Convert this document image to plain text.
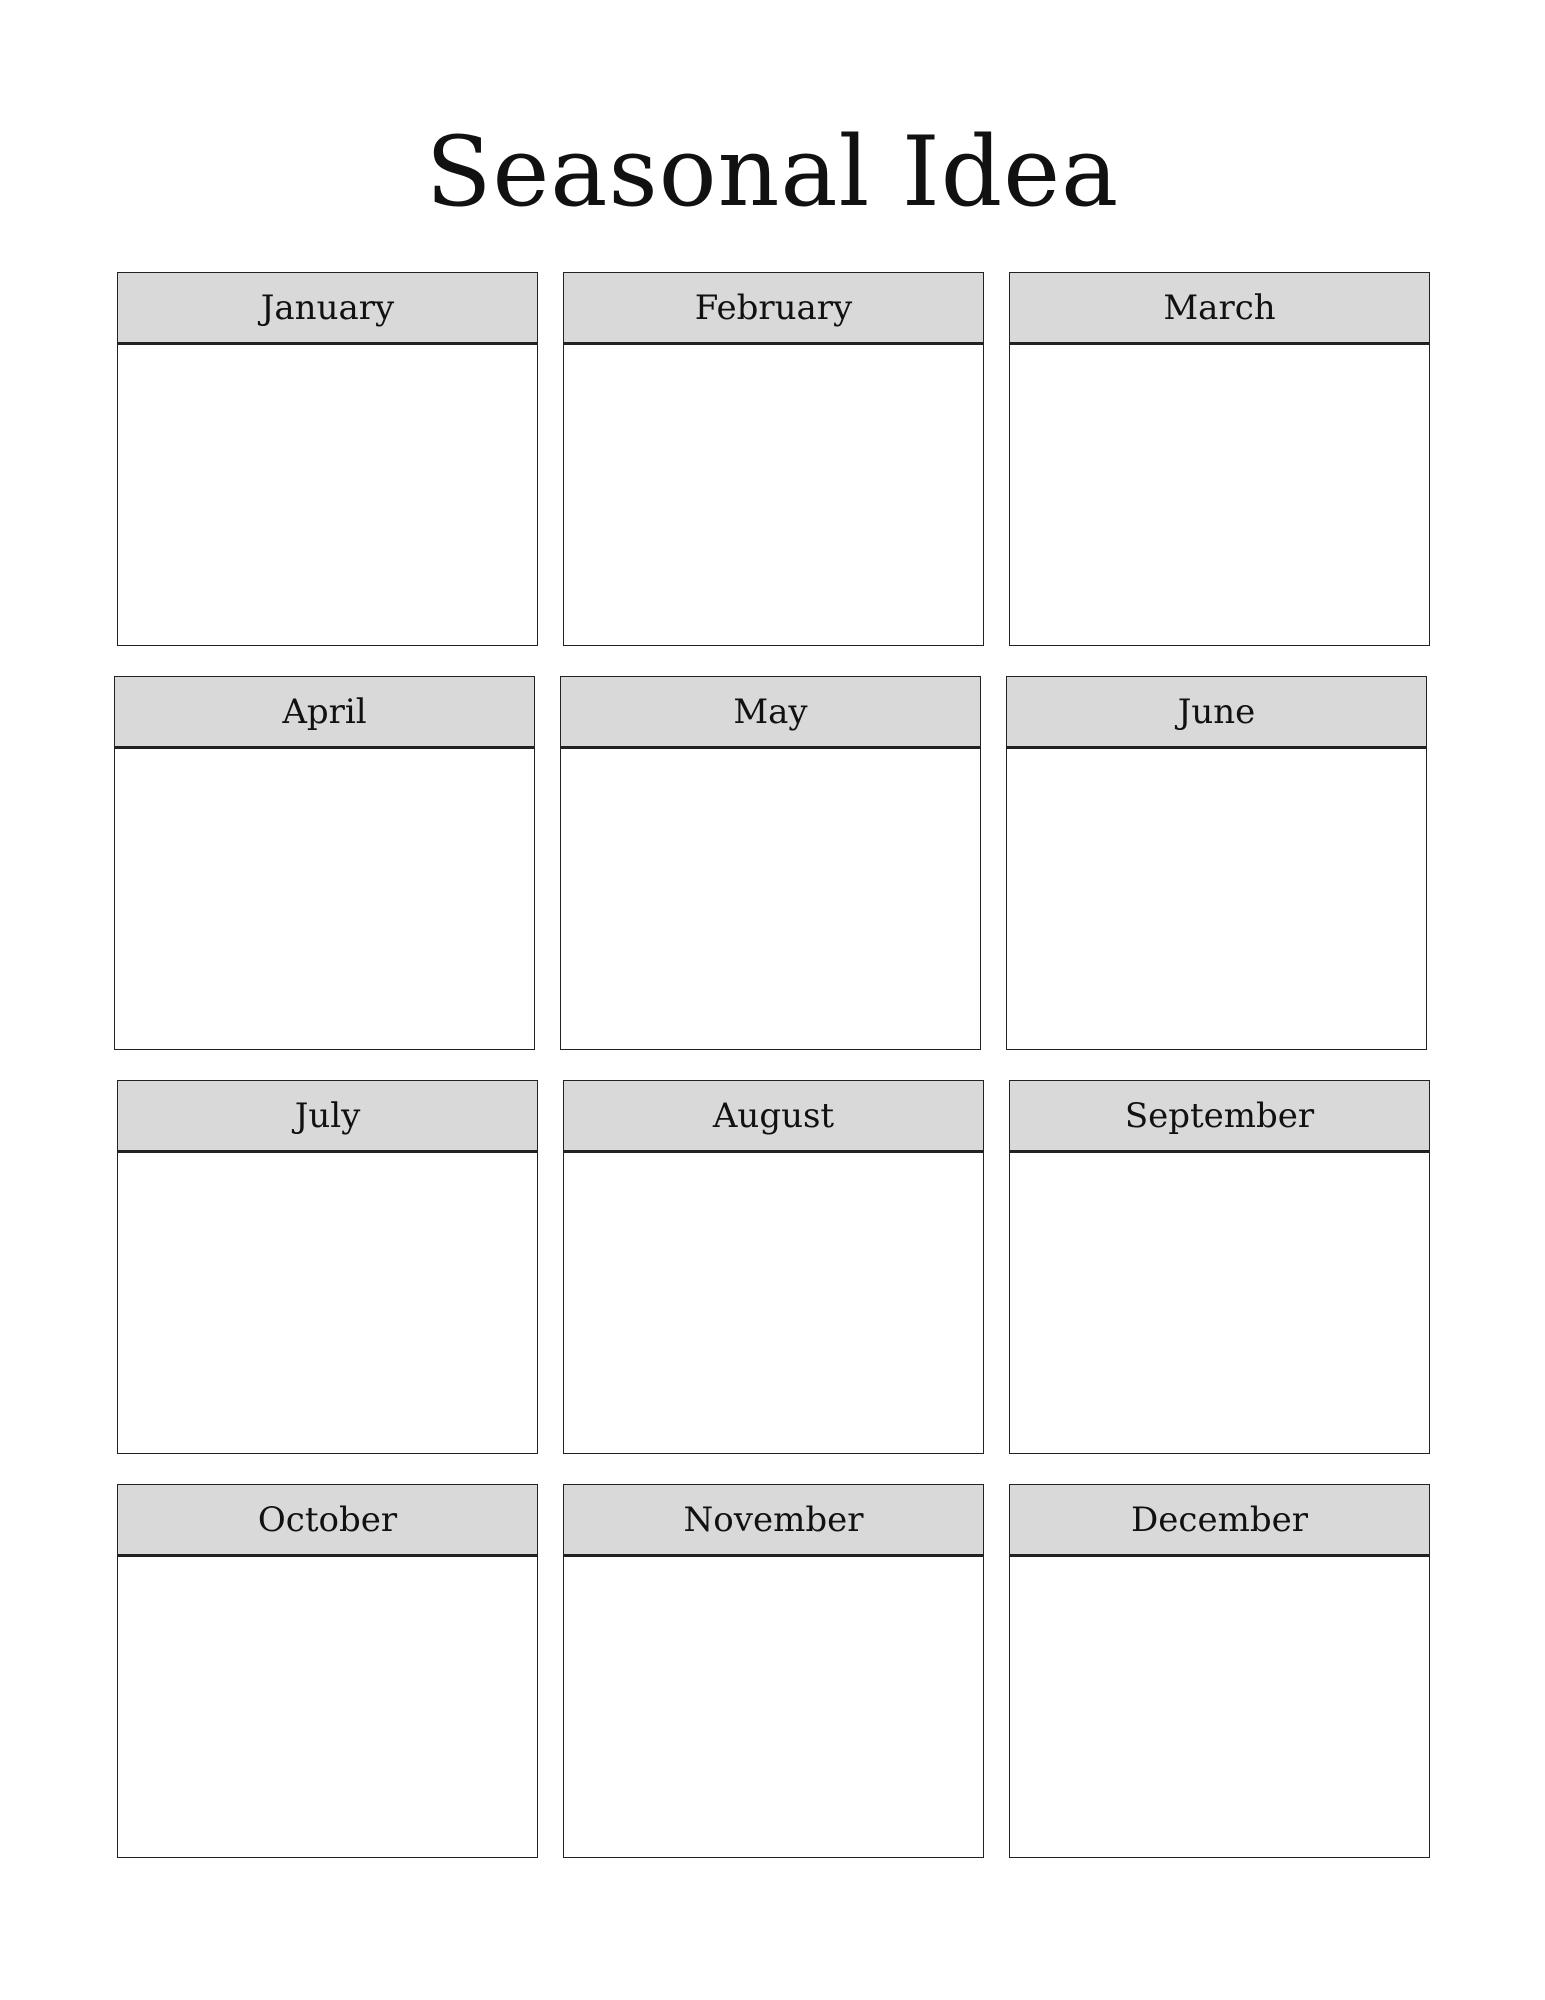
Seasonal Idea
January	February	March
April	May	June
July	August	September
October	November	December
